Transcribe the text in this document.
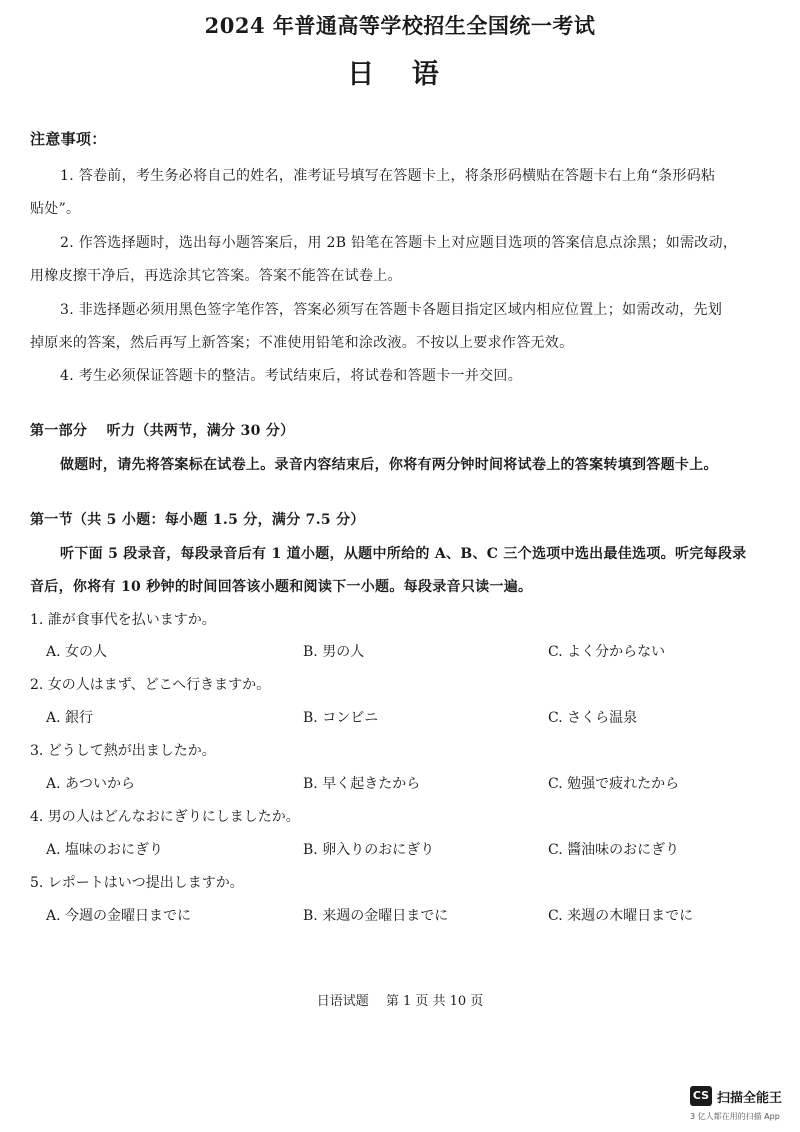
2024 年普通高等学校招生全国统一考试
日 语
注意事项：
1. 答卷前，考生务必将自己的姓名，准考证号填写在答题卡上，将条形码横贴在答题卡右上角“条形码粘
贴处”。
2. 作答选择题时，选出每小题答案后，用 2B 铅笔在答题卡上对应题目选项的答案信息点涂黑；如需改动，
用橡皮擦干净后，再选涂其它答案。答案不能答在试卷上。
3. 非选择题必须用黑色签字笔作答，答案必须写在答题卡各题目指定区域内相应位置上；如需改动，先划
掉原来的答案，然后再写上新答案；不准使用铅笔和涂改液。不按以上要求作答无效。
4. 考生必须保证答题卡的整洁。考试结束后，将试卷和答题卡一并交回。
第一部分　 听力（共两节，满分 30 分）
做题时，请先将答案标在试卷上。录音内容结束后，你将有两分钟时间将试卷上的答案转填到答题卡上。
第一节（共 5 小题：每小题 1.5 分，满分 7.5 分）
听下面 5 段录音，每段录音后有 1 道小题，从题中所给的 A、B、C 三个选项中选出最佳选项。听完每段录
音后，你将有 10 秒钟的时间回答该小题和阅读下一小题。每段录音只读一遍。
1. 誰が食事代を払いますか。
A. 女の人	B. 男の人	C. よく分からない
2. 女の人はまず、どこへ行きますか。
A. 銀行	B. コンビニ	C. さくら温泉
3. どうして熱が出ましたか。
A. あついから	B. 早く起きたから	C. 勉强で疲れたから
4. 男の人はどんなおにぎりにしましたか。
A. 塩味のおにぎり	B. 卵入りのおにぎり	C. 醬油味のおにぎり
5. レポートはいつ提出しますか。
A. 今週の金曜日までに	B. 来週の金曜日までに	C. 来週の木曜日までに
日语试题　 第 1 页 共 10 页
CS 扫描全能王
3 亿人都在用的扫描 App
